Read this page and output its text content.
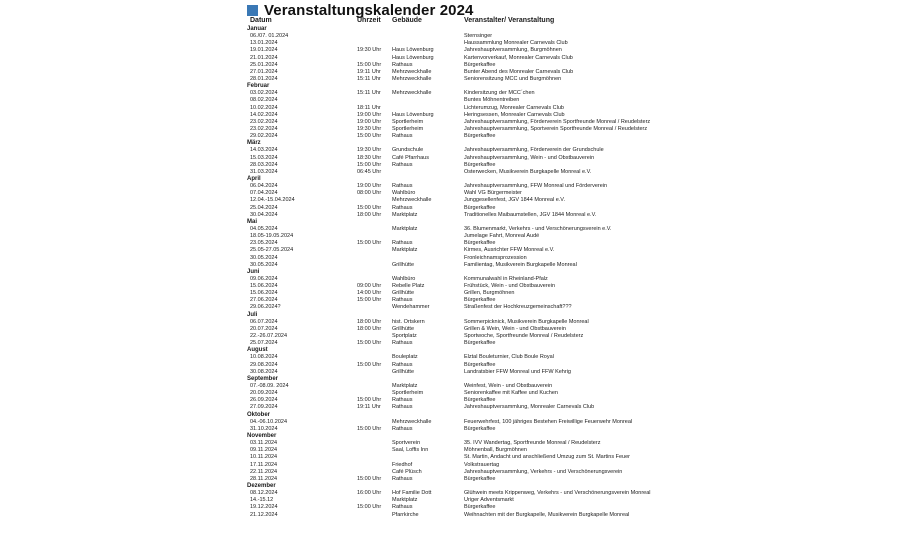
Veranstaltungskalender 2024
Datum	Uhrzeit Gebäude	Veranstalter/ Veranstaltung
Januar
06./07. 01.2024	Sternsinger
13.01.2024	Haussammlung Monrealer Carnevals Club
19.01.2024	19:30 Uhr Haus Löwenburg	Jahreshauptversammlung, Burgmöhnen
21.01.2024	Haus Löwenburg	Kartenvorverkauf, Monrealer Carnevals Club
25.01.2024	15:00 Uhr Rathaus	Bürgerkaffee
27.01.2024	19:11 Uhr Mehrzweckhalle	Bunter Abend des Monrealer Carnevals Club
28.01.2024	15:11 Uhr Mehrzweckhalle	Seniorensitzung MCC und Burgmöhnen
Februar
03.02.2024	15:11 Uhr Mehrzweckhalle	Kindersitzung der MCC´chen
08.02.2024	Buntes Möhnentreiben
10.02.2024	18:11 Uhr	Lichterumzug, Monrealer Carnevals Club
14.02.2024	19:00 Uhr Haus Löwenburg	Heringsessen, Monrealer Carnevals Club
23.02.2024	19:00 Uhr Sportlerheim	Jahreshauptversammlung, Förderverein Sportfreunde Monreal / Reudelsterz
23.02.2024	19:30 Uhr Sportlerheim	Jahreshauptversammlung, Sportverein Sportfreunde Monreal / Reudelsterz
29.02.2024	15:00 Uhr Rathaus	Bürgerkaffee
März
14.03.2024	19:30 Uhr Grundschule	Jahreshauptversammlung, Förderverein der Grundschule
15.03.2024	18:30 Uhr Café Pfarrhaus	Jahreshauptversammlung, Wein - und Obstbauverein
28.03.2024	15:00 Uhr Rathaus	Bürgerkaffee
31.03.2024	06:45 Uhr	Osterwecken, Musikverein Burgkapelle Monreal e.V.
April
06.04.2024	19:00 Uhr Rathaus	Jahreshauptversammlung, FFW Monreal und Förderverein
07.04.2024	08:00 Uhr Wahlbüro	Wahl VG Bürgermeister
12.04.-15.04.2024	Mehrzweckhalle	Junggesellenfest, JGV 1844 Monreal e.V.
25.04.2024	15:00 Uhr Rathaus	Bürgerkaffee
30.04.2024	18:00 Uhr Marktplatz	Traditionelles Maibaumstellen, JGV 1844 Monreal e.V.
Mai
04.05.2024	Marktplatz	36. Blumenmarkt, Verkehrs - und Verschönerungsverein e.V.
18.05-19.05.2024	Jumelage Fahrt, Monreal Audé
23.05.2024	15:00 Uhr Rathaus	Bürgerkaffee
25.05-27.05.2024	Marktplatz	Kirmes, Ausrichter FFW Monreal e.V.
30.05.2024	Fronleichnamsprozession
30.05.2024	Grillhütte	Familientag, Musikverein Burgkapelle Monreal
Juni
09.06.2024	Wahlbüro	Kommunalwahl in Rheinland-Pfalz
15.06.2024	09:00 Uhr Rebelle Platz	Frühstück, Wein - und Obstbauverein
15.06.2024	14:00 Uhr Grillhütte	Grillen, Burgmöhnen
27.06.2024	15:00 Uhr Rathaus	Bürgerkaffee
29.06.2024?	Wendehammer	Straßenfest der Hochkreuzgemeinschaft???
Juli
06.07.2024	18:00 Uhr hist. Ortskern	Sommerpicknick, Musikverein Burgkapelle Monreal
20.07.2024	18:00 Uhr Grillhütte	Grillen & Wein, Wein - und Obstbauverein
22.-26.07.2024	Sportplatz	Sportwoche, Sportfreunde Monreal / Reudelsterz
25.07.2024	15:00 Uhr Rathaus	Bürgerkaffee
August
10.08.2024	Bouleplatz	Elztal Bouleturnier, Club Boule Royal
29.08.2024	15:00 Uhr Rathaus	Bürgerkaffee
30.08.2024	Grillhütte	Landratsbier FFW Monreal und FFW Kehrig
September
07.-08.09. 2024	Marktplatz	Weinfest, Wein - und Obstbauverein
20.09.2024	Sportlerheim	Seniorenkaffee mit Kaffee und Kuchen
26.09.2024	15:00 Uhr Rathaus	Bürgerkaffee
27.09.2024	19:11 Uhr Rathaus	Jahreshauptversammlung, Monrealer Carnevals Club
Oktober
04.-06.10.2024	Mehrzweckhalle	Feuerwehrfest, 100 jähriges Bestehen Freiwillige Feuerwehr Monreal
31.10.2024	15:00 Uhr Rathaus	Bürgerkaffee
November
03.11.2024	Sportverein	35. IVV Wandertag, Sportfreunde Monreal / Reudelsterz
09.11.2024	Saal, Loffis Inn	Möhnenball, Burgmöhnen
10.11.2024	St. Martin, Andacht und anschließend Umzug zum St. Martins Feuer
17.11.2024	Friedhof	Volkstrauertag
22.11.2024	Café Plüsch	Jahreshauptversammlung, Verkehrs - und Verschönerungsverein
28.11.2024	15:00 Uhr Rathaus	Bürgerkaffee
Dezember
08.12.2024	16:00 Uhr Hof Familie Dott	Glühwein meets Krippenweg, Verkehrs - und Verschönerungsverein Monreal
14.-15.12	Marktplatz	Uriger Adventsmarkt
19.12.2024	15:00 Uhr Rathaus	Bürgerkaffee
21.12.2024	Pfarrkirche	Weihnachten mit der Burgkapelle, Musikverein Burgkapelle Monreal
